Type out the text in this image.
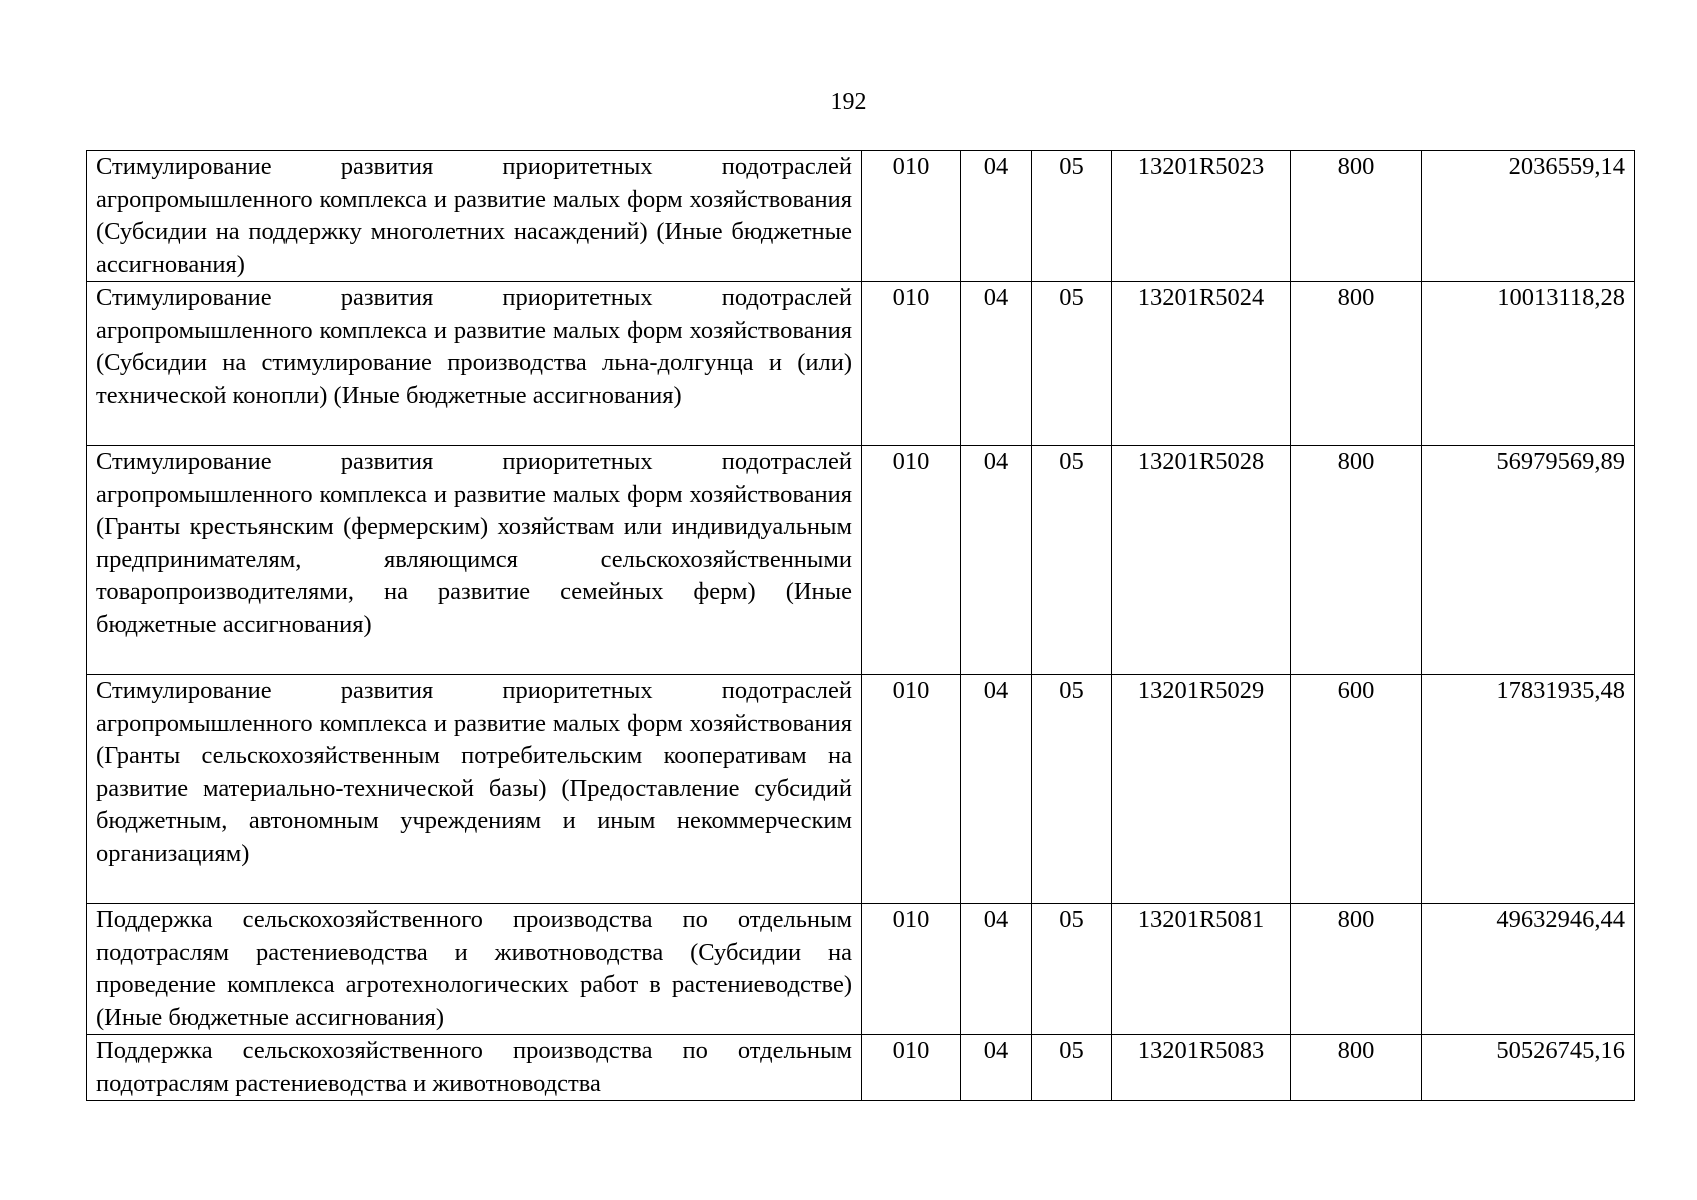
192
Стимулирование развития приоритетных подотраслей агропромышленного комплекса и развитие малых форм хозяйствования (Субсидии на поддержку многолетних насаждений) (Иные бюджетные ассигнования)	010	04	05	13201R5023	800	2036559,14
Стимулирование развития приоритетных подотраслей агропромышленного комплекса и развитие малых форм хозяйствования (Субсидии на стимулирование производства льна-долгунца и (или) технической конопли) (Иные бюджетные ассигнования)	010	04	05	13201R5024	800	10013118,28
Стимулирование развития приоритетных подотраслей агропромышленного комплекса и развитие малых форм хозяйствования (Гранты крестьянским (фермерским) хозяйствам или индивидуальным предпринимателям, являющимся сельскохозяйственными товаропроизводителями, на развитие семейных ферм) (Иные бюджетные ассигнования)	010	04	05	13201R5028	800	56979569,89
Стимулирование развития приоритетных подотраслей агропромышленного комплекса и развитие малых форм хозяйствования (Гранты сельскохозяйственным потребительским кооперативам на развитие материально-технической базы) (Предоставление субсидий бюджетным, автономным учреждениям и иным некоммерческим организациям)	010	04	05	13201R5029	600	17831935,48
Поддержка сельскохозяйственного производства по отдельным подотраслям растениеводства и животноводства (Субсидии на проведение комплекса агротехнологических работ в растениеводстве) (Иные бюджетные ассигнования)	010	04	05	13201R5081	800	49632946,44
Поддержка сельскохозяйственного производства по отдельным подотраслям растениеводства и животноводства	010	04	05	13201R5083	800	50526745,16
